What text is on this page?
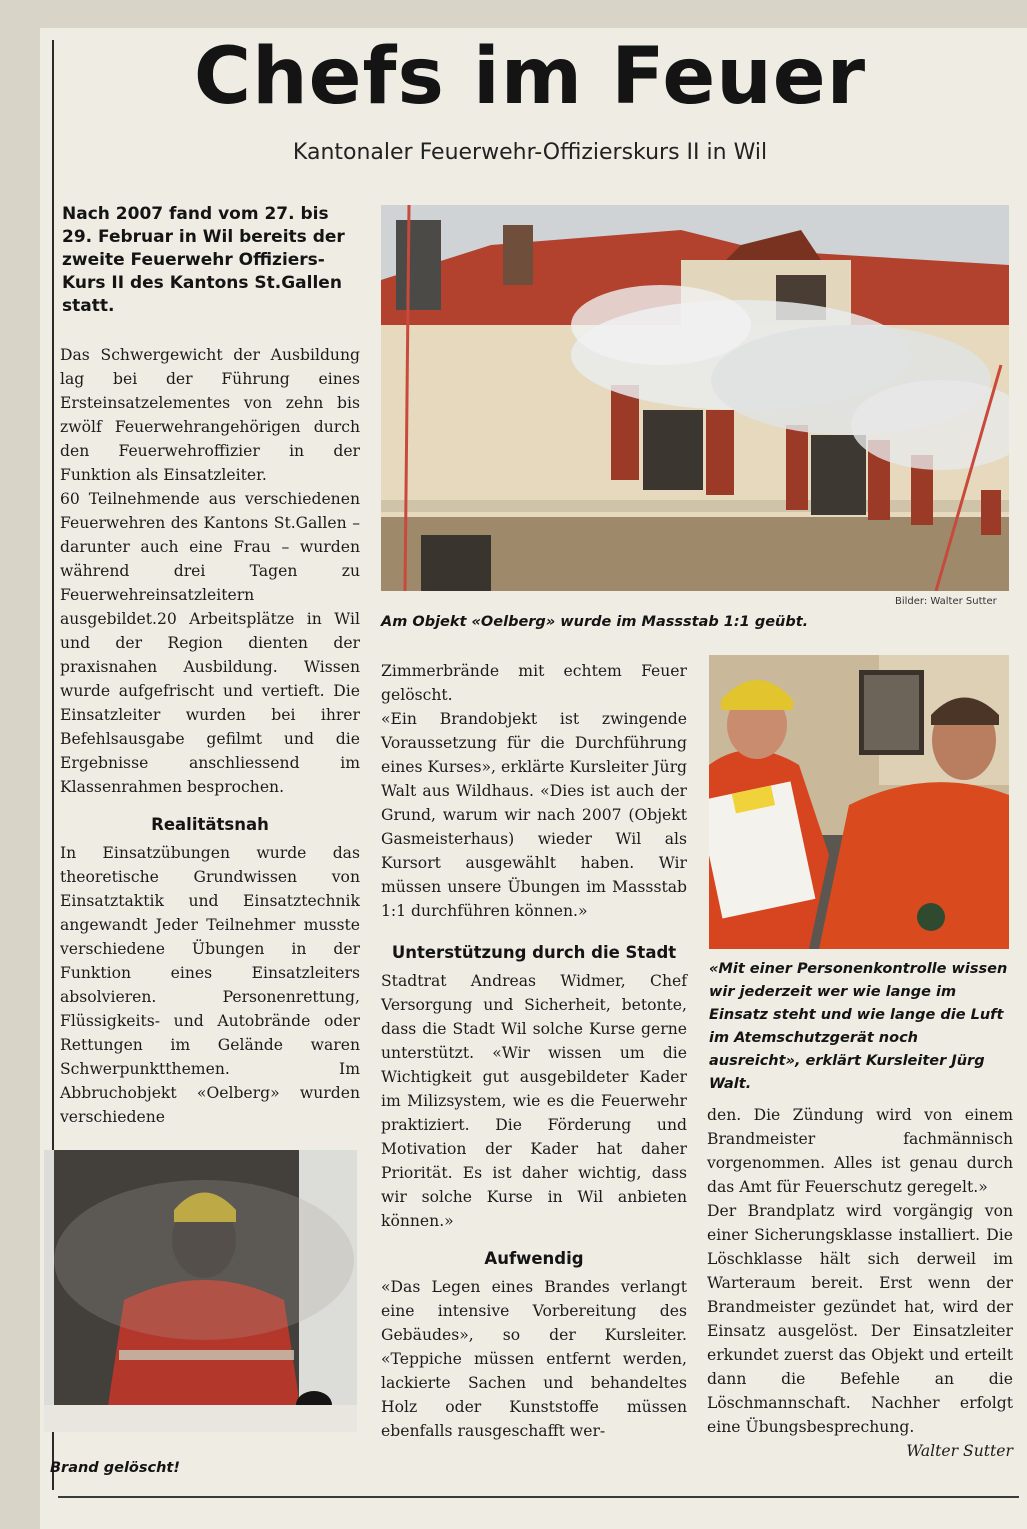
Chefs im Feuer
Kantonaler Feuerwehr-Offizierskurs II in Wil
Nach 2007 fand vom 27. bis 29. Februar in Wil bereits der zweite Feuerwehr Offiziers-Kurs II des Kantons St.Gallen statt.

Das Schwergewicht der Ausbildung lag bei der Führung eines Ersteinsatzelementes von zehn bis zwölf Feuerwehrangehörigen durch den Feuerwehroffizier in der Funktion als Einsatzleiter.

60 Teilnehmende aus verschiedenen Feuerwehren des Kantons St.Gallen – darunter auch eine Frau – wurden während drei Tagen zu Feuerwehreinsatzleitern ausgebildet.20 Arbeitsplätze in Wil und der Region dienten der praxisnahen Ausbildung. Wissen wurde aufgefrischt und vertieft. Die Einsatzleiter wurden bei ihrer Befehlsausgabe gefilmt und die Ergebnisse anschliessend im Klassenrahmen besprochen.

Realitätsnah

In Einsatzübungen wurde das theoretische Grundwissen von Einsatztaktik und Einsatztechnik angewandt Jeder Teilnehmer musste verschiedene Übungen in der Funktion eines Einsatzleiters absolvieren. Personenrettung, Flüssigkeits- und Autobrände oder Rettungen im Gelände waren Schwerpunktthemen. Im Abbruchobjekt «Oelberg» wurden verschiedene

Bilder: Walter Sutter
Am Objekt «Oelberg» wurde im Massstab 1:1 geübt.

Zimmerbrände mit echtem Feuer gelöscht.

«Ein Brandobjekt ist zwingende Voraussetzung für die Durchführung eines Kurses», erklärte Kursleiter Jürg Walt aus Wildhaus. «Dies ist auch der Grund, warum wir nach 2007 (Objekt Gasmeisterhaus) wieder Wil als Kursort ausgewählt haben. Wir müssen unsere Übungen im Massstab 1:1 durchführen können.»

Unterstützung durch die Stadt

Stadtrat Andreas Widmer, Chef Versorgung und Sicherheit, betonte, dass die Stadt Wil solche Kurse gerne unterstützt. «Wir wissen um die Wichtigkeit gut ausgebildeter Kader im Milizsystem, wie es die Feuerwehr praktiziert. Die Förderung und Motivation der Kader hat daher Priorität. Es ist daher wichtig, dass wir solche Kurse in Wil anbieten können.»

Aufwendig

«Das Legen eines Brandes verlangt eine intensive Vorbereitung des Gebäudes», so der Kursleiter. «Teppiche müssen entfernt werden, lackierte Sachen und behandeltes Holz oder Kunststoffe müssen ebenfalls rausgeschafft wer-

«Mit einer Personenkontrolle wissen wir jederzeit wer wie lange im Einsatz steht und wie lange die Luft im Atemschutzgerät noch ausreicht», erklärt Kursleiter Jürg Walt.

den. Die Zündung wird von einem Brandmeister fachmännisch vorgenommen. Alles ist genau durch das Amt für Feuerschutz geregelt.»

Der Brandplatz wird vorgängig von einer Sicherungsklasse installiert. Die Löschklasse hält sich derweil im Warteraum bereit. Erst wenn der Brandmeister gezündet hat, wird der Einsatz ausgelöst. Der Einsatzleiter erkundet zuerst das Objekt und erteilt dann die Befehle an die Löschmannschaft. Nachher erfolgt eine Übungsbesprechung.

Walter Sutter

Brand gelöscht!
